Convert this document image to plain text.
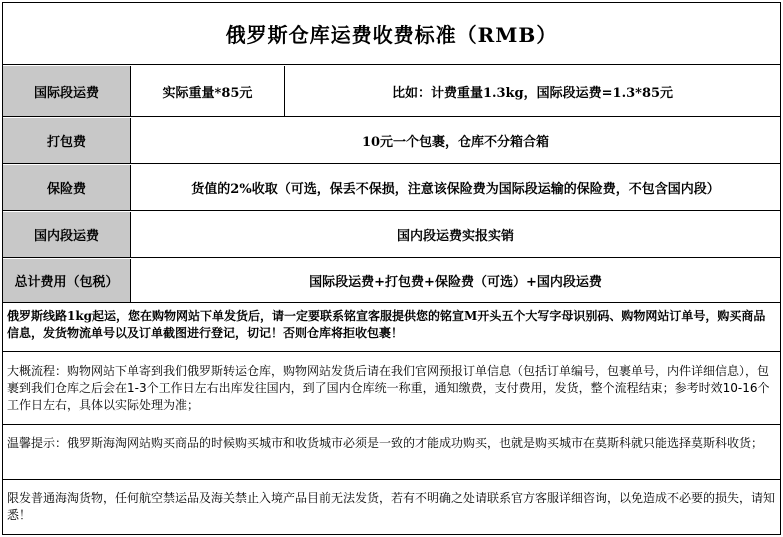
俄罗斯仓库运费收费标准（RMB）
国际段运费	实际重量*85元	比如：计费重量1.3kg，国际段运费=1.3*85元
打包费	10元一个包裹，仓库不分箱合箱
保险费	货值的2%收取（可选，保丢不保损，注意该保险费为国际段运输的保险费，不包含国内段）
国内段运费	国内段运费实报实销
总计费用（包税）	国际段运费+打包费+保险费（可选）+国内段运费
俄罗斯线路1kg起运，您在购物网站下单发货后，请一定要联系铭宣客服提供您的铭宣M开头五个大写字母识别码、购物网站订单号，购买商品信息，发货物流单号以及订单截图进行登记，切记！否则仓库将拒收包裹！
大概流程：购物网站下单寄到我们俄罗斯转运仓库，购物网站发货后请在我们官网预报订单信息（包括订单编号，包裹单号，内件详细信息），包裹到我们仓库之后会在1-3个工作日左右出库发往国内，到了国内仓库统一称重，通知缴费，支付费用，发货，整个流程结束；参考时效10-16个工作日左右，具体以实际处理为准；
温馨提示：俄罗斯海淘网站购买商品的时候购买城市和收货城市必须是一致的才能成功购买，也就是购买城市在莫斯科就只能选择莫斯科收货；
限发普通海淘货物，任何航空禁运品及海关禁止入境产品目前无法发货，若有不明确之处请联系官方客服详细咨询，以免造成不必要的损失，请知悉！
